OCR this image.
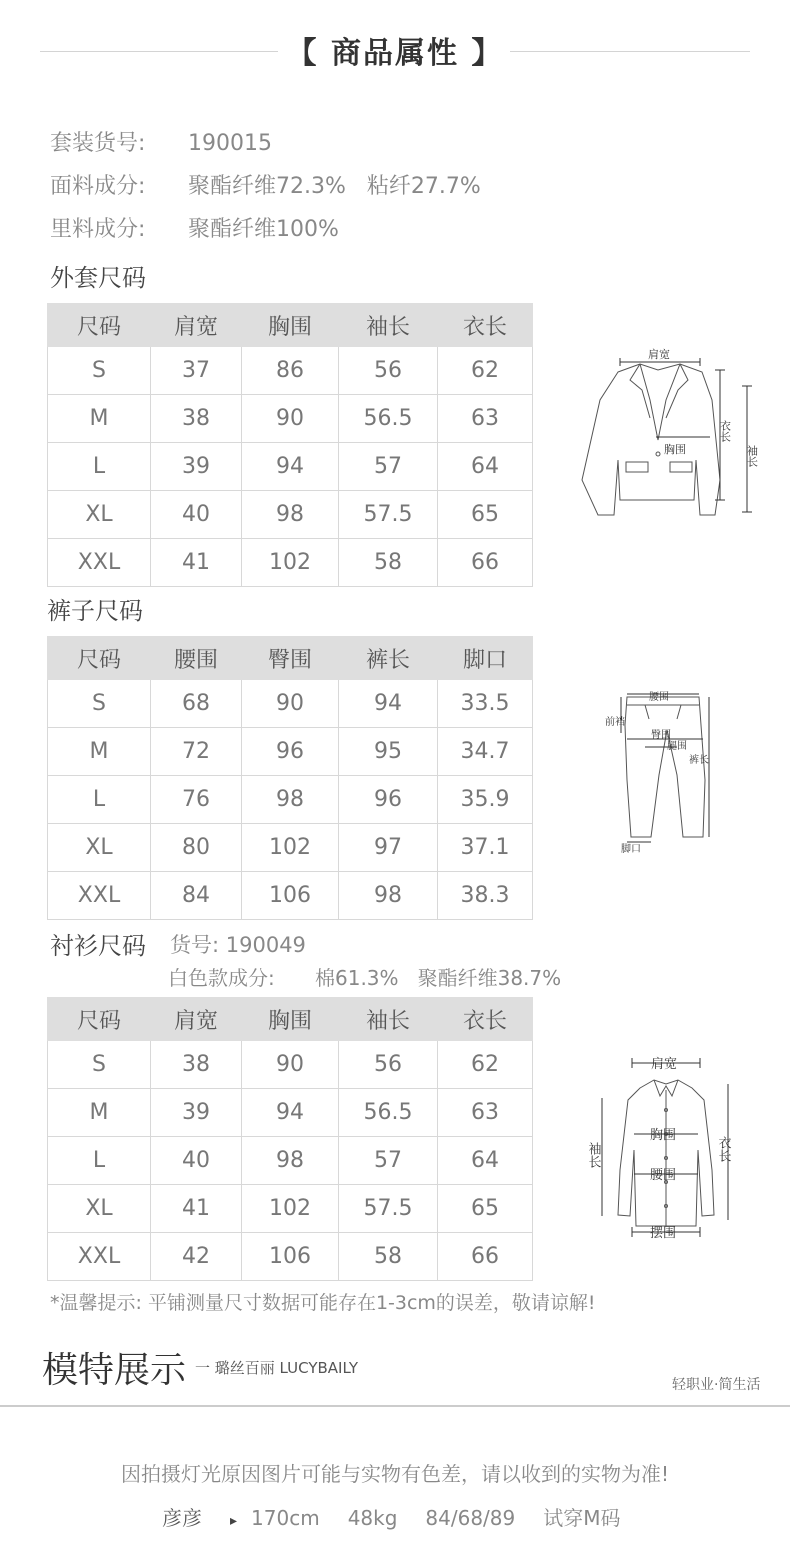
【 商品属性 】
套装货号: 190015
面料成分: 聚酯纤维72.3%   粘纤27.7%
里料成分: 聚酯纤维100%
外套尺码
尺码	肩宽	胸围	袖长	衣长
S	37	86	56	62
M	38	90	56.5	63
L	39	94	57	64
XL	40	98	57.5	65
XXL	41	102	58	66
肩宽
胸围
衣长
袖长
裤子尺码
尺码	腰围	臀围	裤长	脚口
S	68	90	94	33.5
M	72	96	95	34.7
L	76	98	96	35.9
XL	80	102	97	37.1
XXL	84	106	98	38.3
腰围
前裆
臀围
腿围
裤长
脚口
衬衫尺码 货号: 190049
白色款成分: 棉61.3%   聚酯纤维38.7%
尺码	肩宽	胸围	袖长	衣长
S	38	90	56	62
M	39	94	56.5	63
L	40	98	57	64
XL	41	102	57.5	65
XXL	42	106	58	66
肩宽
胸围
腰围
摆围
袖长	衣长
*温馨提示: 平铺测量尺寸数据可能存在1-3cm的误差，敬请谅解!
模特展示 一 璐丝百丽 LUCYBAILY
轻职业·简生活
因拍摄灯光原因图片可能与实物有色差，请以收到的实物为准!
彦彦 ▸ 170cm 48kg 84/68/89 试穿M码
